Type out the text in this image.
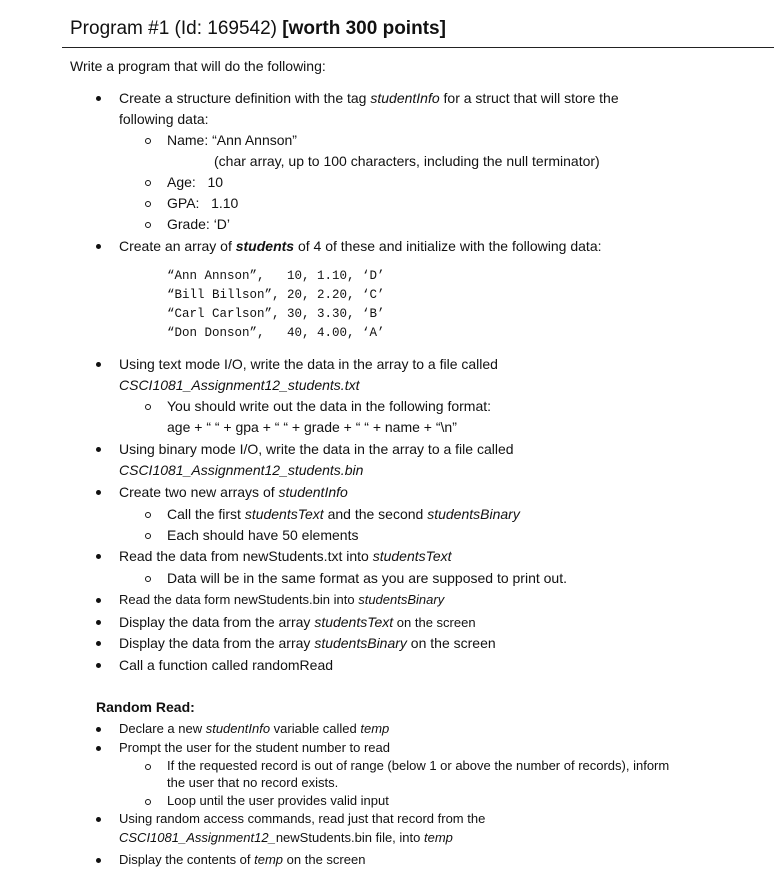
Program #1 (Id: 169542) [worth 300 points]
Write a program that will do the following:
Create a structure definition with the tag studentInfo for a struct that will store the
following data:
Name: “Ann Annson”
(char array, up to 100 characters, including the null terminator)
Age:   10
GPA:   1.10
Grade: ‘D’
Create an array of students of 4 of these and initialize with the following data:
“Ann Annson”,   10, 1.10, ‘D’
“Bill Billson”, 20, 2.20, ‘C’
“Carl Carlson”, 30, 3.30, ‘B’
“Don Donson”,   40, 4.00, ‘A’
Using text mode I/O, write the data in the array to a file called
CSCI1081_Assignment12_students.txt
You should write out the data in the following format:
age + “ “ + gpa + “ “ + grade + “ “ + name + “\n”
Using binary mode I/O, write the data in the array to a file called
CSCI1081_Assignment12_students.bin
Create two new arrays of studentInfo
Call the first studentsText and the second studentsBinary
Each should have 50 elements
Read the data from newStudents.txt into studentsText
Data will be in the same format as you are supposed to print out.
Read the data form newStudents.bin into studentsBinary
Display the data from the array studentsText on the screen
Display the data from the array studentsBinary on the screen
Call a function called randomRead
Random Read:
Declare a new studentInfo variable called temp
Prompt the user for the student number to read
If the requested record is out of range (below 1 or above the number of records), inform
the user that no record exists.
Loop until the user provides valid input
Using random access commands, read just that record from the
CSCI1081_Assignment12_newStudents.bin file, into temp
Display the contents of temp on the screen
